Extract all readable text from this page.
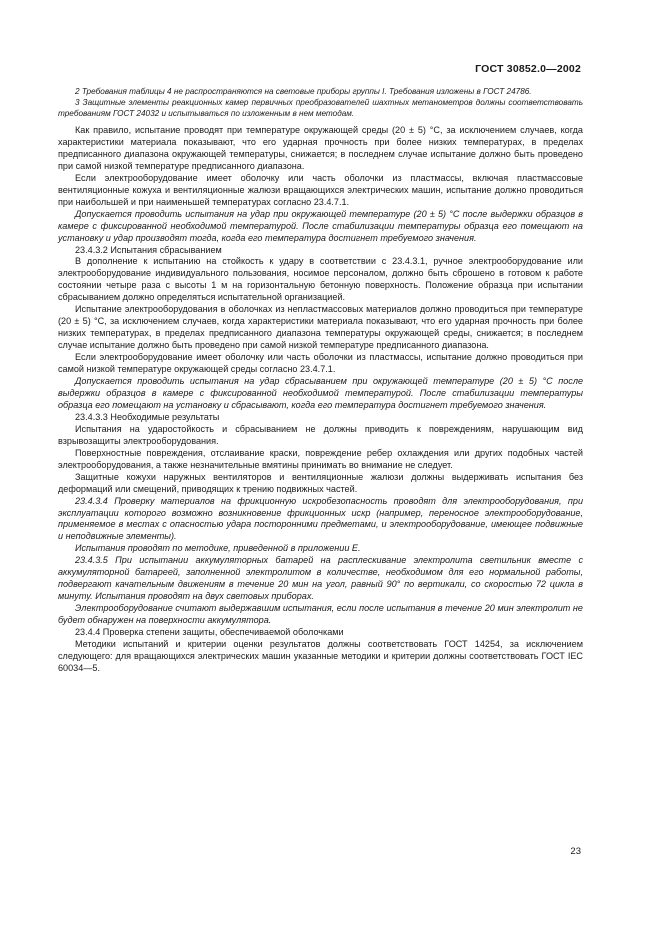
ГОСТ 30852.0—2002

2 Требования таблицы 4 не распространяются на световые приборы группы I. Требования изложены в ГОСТ 24786.

3 Защитные элементы реакционных камер первичных преобразователей шахтных метанометров должны соответствовать требованиям ГОСТ 24032 и испытываться по изложенным в нем методам.

Как правило, испытание проводят при температуре окружающей среды (20 ± 5) °С, за исключением случаев, когда характеристики материала показывают, что его ударная прочность при более низких температурах, в пределах предписанного диапазона окружающей температуры, снижается; в последнем случае испытание должно быть проведено при самой низкой температуре предписанного диапазона.

Если электрооборудование имеет оболочку или часть оболочки из пластмассы, включая пластмассовые вентиляционные кожуха и вентиляционные жалюзи вращающихся электрических машин, испытание должно проводиться при наибольшей и при наименьшей температурах согласно 23.4.7.1.

Допускается проводить испытания на удар при окружающей температуре (20 ± 5) °С после выдержки образцов в камере с фиксированной необходимой температурой. После стабилизации температуры образца его помещают на установку и удар производят тогда, когда его температура достигнет требуемого значения.

23.4.3.2 Испытания сбрасыванием

В дополнение к испытанию на стойкость к удару в соответствии с 23.4.3.1, ручное электрооборудование или электрооборудование индивидуального пользования, носимое персоналом, должно быть сброшено в готовом к работе состоянии четыре раза с высоты 1 м на горизонтальную бетонную поверхность. Положение образца при испытании сбрасыванием должно определяться испытательной организацией.

Испытание электрооборудования в оболочках из непластмассовых материалов должно проводиться при температуре (20 ± 5) °С, за исключением случаев, когда характеристики материала показывают, что его ударная прочность при более низких температурах, в пределах предписанного диапазона температуры окружающей среды, снижается; в последнем случае испытание должно быть проведено при самой низкой температуре предписанного диапазона.

Если электрооборудование имеет оболочку или часть оболочки из пластмассы, испытание должно проводиться при самой низкой температуре окружающей среды согласно 23.4.7.1.

Допускается проводить испытания на удар сбрасыванием при окружающей температуре (20 ± 5) °С после выдержки образцов в камере с фиксированной необходимой температурой. После стабилизации температуры образца его помещают на установку и сбрасывают, когда его температура достигнет требуемого значения.

23.4.3.3 Необходимые результаты

Испытания на ударостойкость и сбрасыванием не должны приводить к повреждениям, нарушающим вид взрывозащиты электрооборудования.

Поверхностные повреждения, отслаивание краски, повреждение ребер охлаждения или других подобных частей электрооборудования, а также незначительные вмятины принимать во внимание не следует.

Защитные кожухи наружных вентиляторов и вентиляционные жалюзи должны выдерживать испытания без деформаций или смещений, приводящих к трению подвижных частей.

23.4.3.4 Проверку материалов на фрикционную искробезопасность проводят для электрооборудования, при эксплуатации которого возможно возникновение фрикционных искр (например, переносное электрооборудование, применяемое в местах с опасностью удара посторонними предметами, и электрооборудование, имеющее подвижные и неподвижные элементы).

Испытания проводят по методике, приведенной в приложении Е.

23.4.3.5 При испытании аккумуляторных батарей на расплескивание электролита светильник вместе с аккумуляторной батареей, заполненной электролитом в количестве, необходимом для его нормальной работы, подвергают качательным движениям в течение 20 мин на угол, равный 90° по вертикали, со скоростью 72 цикла в минуту. Испытания проводят на двух световых приборах.

Электрооборудование считают выдержавшим испытания, если после испытания в течение 20 мин электролит не будет обнаружен на поверхности аккумулятора.

23.4.4 Проверка степени защиты, обеспечиваемой оболочками

Методики испытаний и критерии оценки результатов должны соответствовать ГОСТ 14254, за исключением следующего: для вращающихся электрических машин указанные методики и критерии должны соответствовать ГОСТ IEC 60034—5.

23
